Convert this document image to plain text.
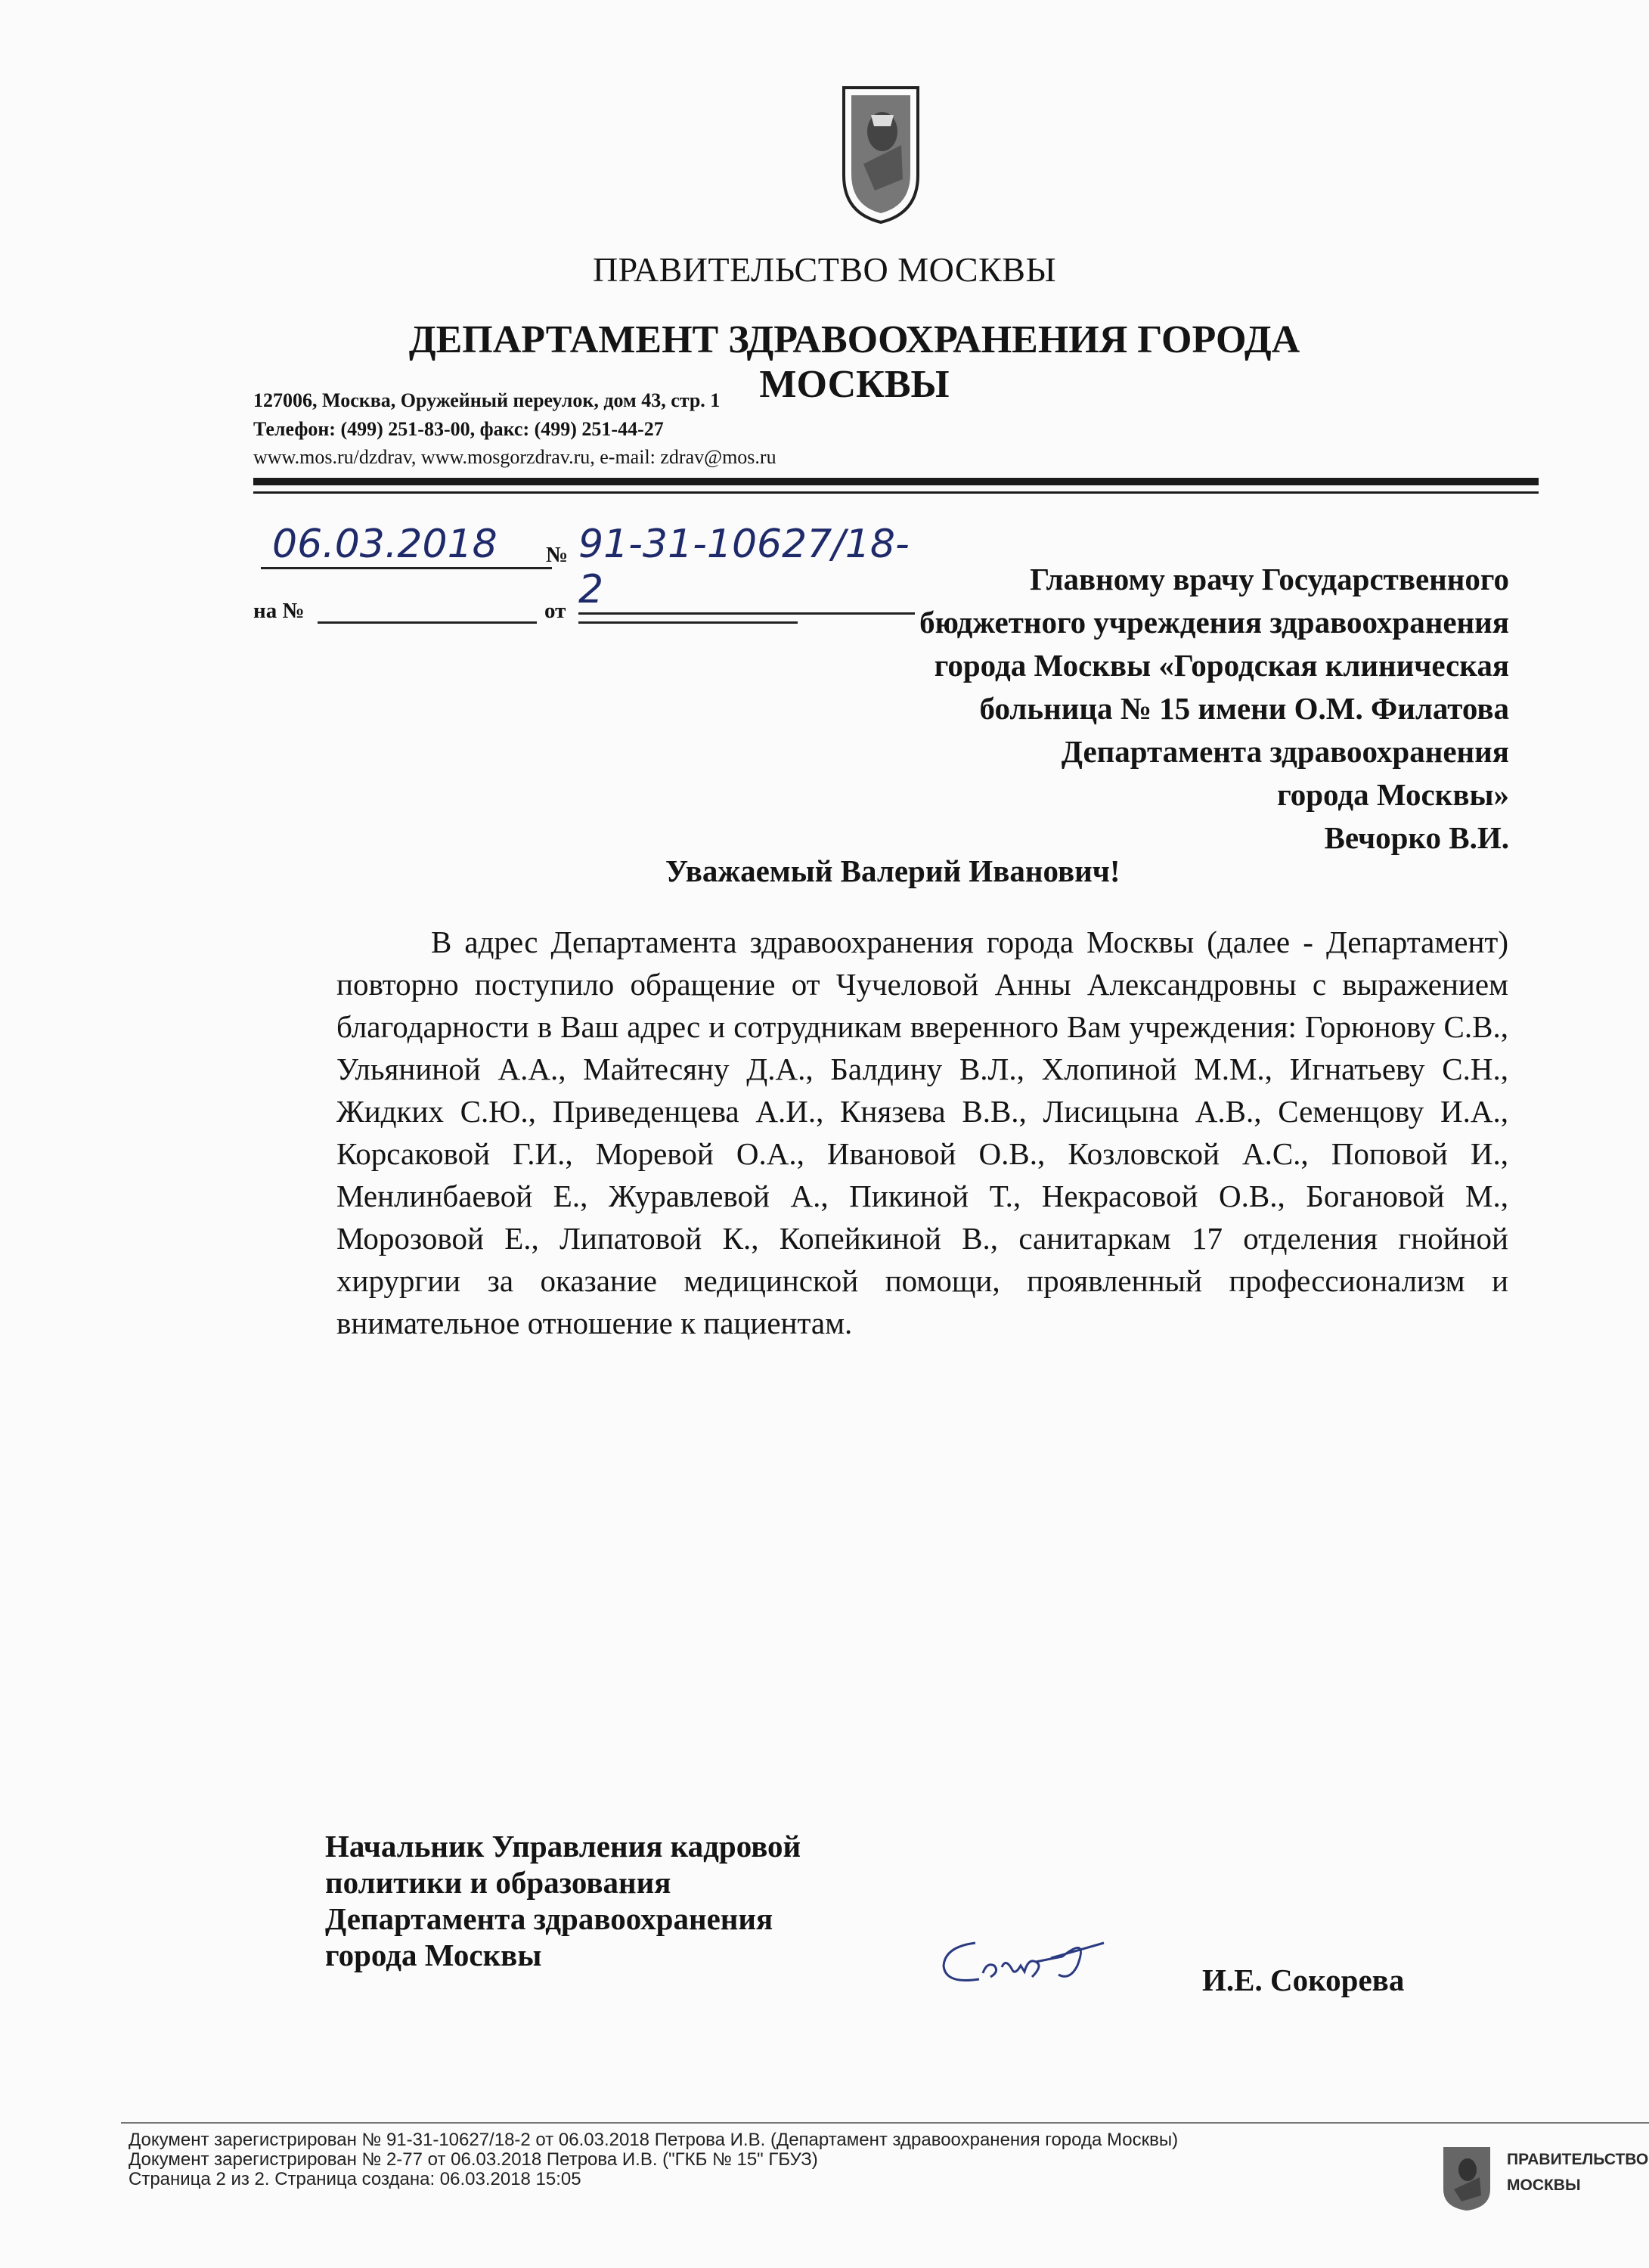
ПРАВИТЕЛЬСТВО МОСКВЫ
ДЕПАРТАМЕНТ ЗДРАВООХРАНЕНИЯ ГОРОДА МОСКВЫ
127006, Москва, Оружейный переулок, дом 43, стр. 1
Телефон: (499) 251-83-00, факс: (499) 251-44-27
www.mos.ru/dzdrav, www.mosgorzdrav.ru, e-mail: zdrav@mos.ru
06.03.2018	№ 91-31-10627/18-2
на №	от
Главному врачу Государственного
бюджетного учреждения здравоохранения
города Москвы «Городская клиническая
больница № 15 имени О.М. Филатова
Департамента здравоохранения
города Москвы»
Вечорко В.И.
Уважаемый Валерий Иванович!
В адрес Департамента здравоохранения города Москвы (далее - Департамент) повторно поступило обращение от Чучеловой Анны Александровны с выражением благодарности в Ваш адрес и сотрудникам вверенного Вам учреждения: Горюнову С.В., Ульяниной А.А., Майтесяну Д.А., Балдину В.Л., Хлопиной М.М., Игнатьеву С.Н., Жидких С.Ю., Приведенцева А.И., Князева В.В., Лисицына А.В., Семенцову И.А., Корсаковой Г.И., Моревой О.А., Ивановой О.В., Козловской А.С., Поповой И., Менлинбаевой Е., Журавлевой А., Пикиной Т., Некрасовой О.В., Богановой М., Морозовой Е., Липатовой К., Копейкиной В., санитаркам 17 отделения гнойной хирургии за оказание медицинской помощи, проявленный профессионализм и внимательное отношение к пациентам.
Начальник Управления кадровой
политики и образования
Департамента здравоохранения
города Москвы
И.Е. Сокорева
Документ зарегистрирован № 91-31-10627/18-2 от 06.03.2018 Петрова И.В. (Департамент здравоохранения города Москвы)
Документ зарегистрирован № 2-77 от 06.03.2018 Петрова И.В. ("ГКБ № 15" ГБУЗ)
Страница 2 из 2. Страница создана: 06.03.2018 15:05
ПРАВИТЕЛЬСТВО
МОСКВЫ
